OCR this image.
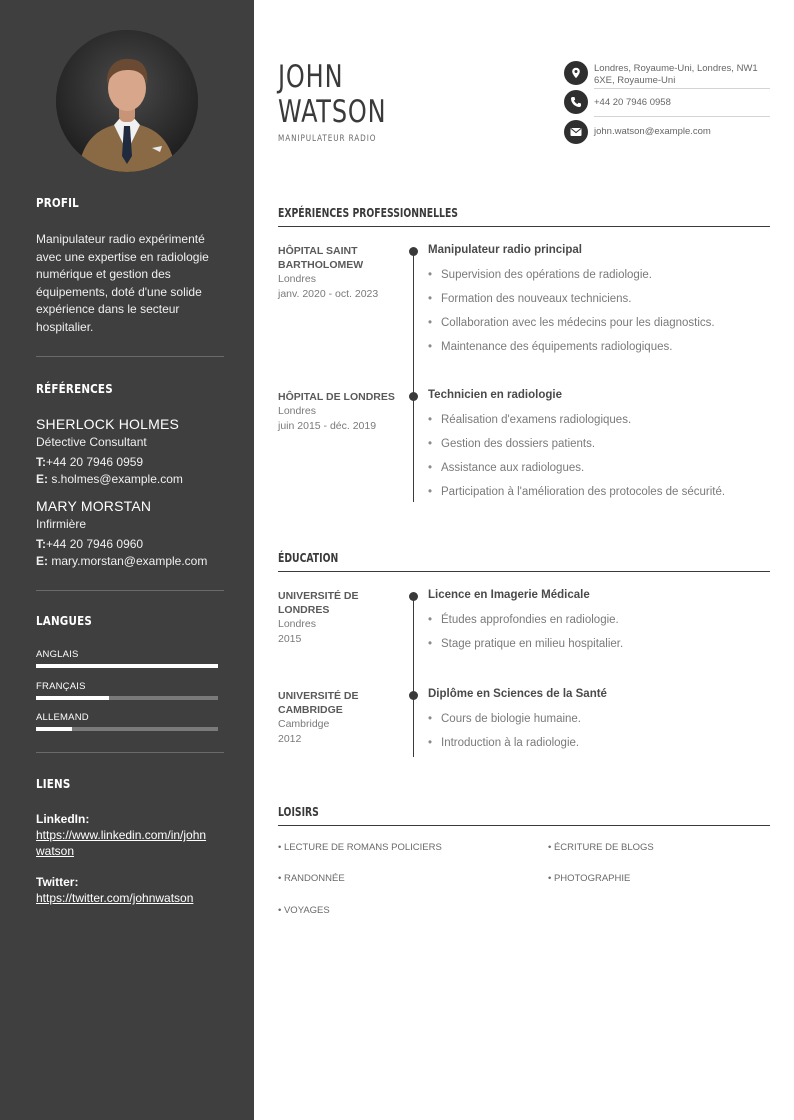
PROFIL
Manipulateur radio expérimenté avec une expertise en radiologie numérique et gestion des équipements, doté d'une solide expérience dans le secteur hospitalier.
RÉFÉRENCES
SHERLOCK HOLMES
Détective Consultant
T:+44 20 7946 0959
E: s.holmes@example.com
MARY MORSTAN
Infirmière
T:+44 20 7946 0960
E: mary.morstan@example.com
LANGUES
ANGLAIS
FRANÇAIS
ALLEMAND
LIENS
LinkedIn:
https://www.linkedin.com/in/john
watson
Twitter:
https://twitter.com/johnwatson
JOHN
WATSON
MANIPULATEUR RADIO
Londres, Royaume-Uni, Londres, NW1 6XE, Royaume-Uni
+44 20 7946 0958
john.watson@example.com
EXPÉRIENCES PROFESSIONNELLES
HÔPITAL SAINT BARTHOLOMEW
Londres
janv. 2020 - oct. 2023
Manipulateur radio principal
• Supervision des opérations de radiologie.
• Formation des nouveaux techniciens.
• Collaboration avec les médecins pour les diagnostics.
• Maintenance des équipements radiologiques.
HÔPITAL DE LONDRES
Londres
juin 2015 - déc. 2019
Technicien en radiologie
• Réalisation d'examens radiologiques.
• Gestion des dossiers patients.
• Assistance aux radiologues.
• Participation à l'amélioration des protocoles de sécurité.
ÉDUCATION
UNIVERSITÉ DE LONDRES
Londres
2015
Licence en Imagerie Médicale
• Études approfondies en radiologie.
• Stage pratique en milieu hospitalier.
UNIVERSITÉ DE CAMBRIDGE
Cambridge
2012
Diplôme en Sciences de la Santé
• Cours de biologie humaine.
• Introduction à la radiologie.
LOISIRS
• LECTURE DE ROMANS POLICIERS	• ÉCRITURE DE BLOGS
• RANDONNÉE	• PHOTOGRAPHIE
• VOYAGES
